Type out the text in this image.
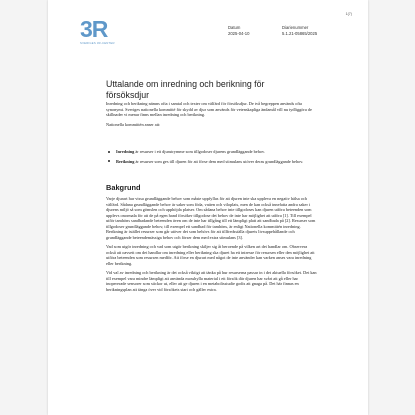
1(7)
3R
SVERIGES 3R-CENTER
Datum
2025-04-10
Diarienummer
5.1.21-05865/2025
Uttalande om inredning och berikning för försöksdjur

Inredning och berikning nämns ofta i samtal och texter om välfärd för försöksdjur. De två begreppen används ofta synonymt. Sveriges nationella kommitté för skydd av djur som används för vetenskapliga ändamål vill nu tydliggöra de skillnader vi menar finns mellan inredning och berikning.

Nationella kommittén anser att:

Inredning är resurser i ett djurutrymme som tillgodoser djurens grundläggande behov.
Berikning är resurser som ges till djuren för att förse dem med stimulans utöver deras grundläggande behov.
Bakgrund

Varje djurart har vissa grundläggande behov som måste uppfyllas för att djuren inte ska uppleva en negativ hälsa och välfärd. Sådana grundläggande behov är saker som föda, vatten och viloplats, men de kan också innefatta andra saker i djurens miljö så som gömslen och upphöjda platser. Om sådana behov inte tillgodoses kan djuren utföra beteenden som upplevs onormala för att de på egen hand försöker tillgodose det behov de inte har möjlighet att utföra [1]. Till exempel utför tamhöns sandbadande beteenden även om de inte har tillgång till ett lämpligt platt att sandbada på [2]. Resurser som tillgodoser grundläggande behov, till exempel ett sandbad för tamhöns, är enligt Nationella kommittén inredning. Berikning är istället resurser som går utöver det som behövs för att tillfredsställa djurets livsuppehållande och grundläggande beteendemässiga behov och förser dem med extra stimulans [3].

Vad som utgör inredning och vad som utgör berikning skiljer sig åt beroende på vilken art det handlar om. Observera också att oavsett om det handlar om inredning eller berikning ska djuret ha ett intresse för resursen eller den möjlighet att utföra beteenden som resursen medför. Att förse en djurart med något de inte använder kan varken anses vara inredning eller berikning.

Vid val av inredning och berikning är det också viktigt att tänka på hur resurserna passar in i det aktuella försöket. Det kan till exempel vara mindre lämpligt att använda mosshylla material i ett försök där djuren har svårt att gå eller har inopererade sensorer som stickor ut, eller att ge djuren i en metabolisstudie godis att gnaga på. Det här finnas en berikningsplan att tänga över vid försökets start och gäller extra.
